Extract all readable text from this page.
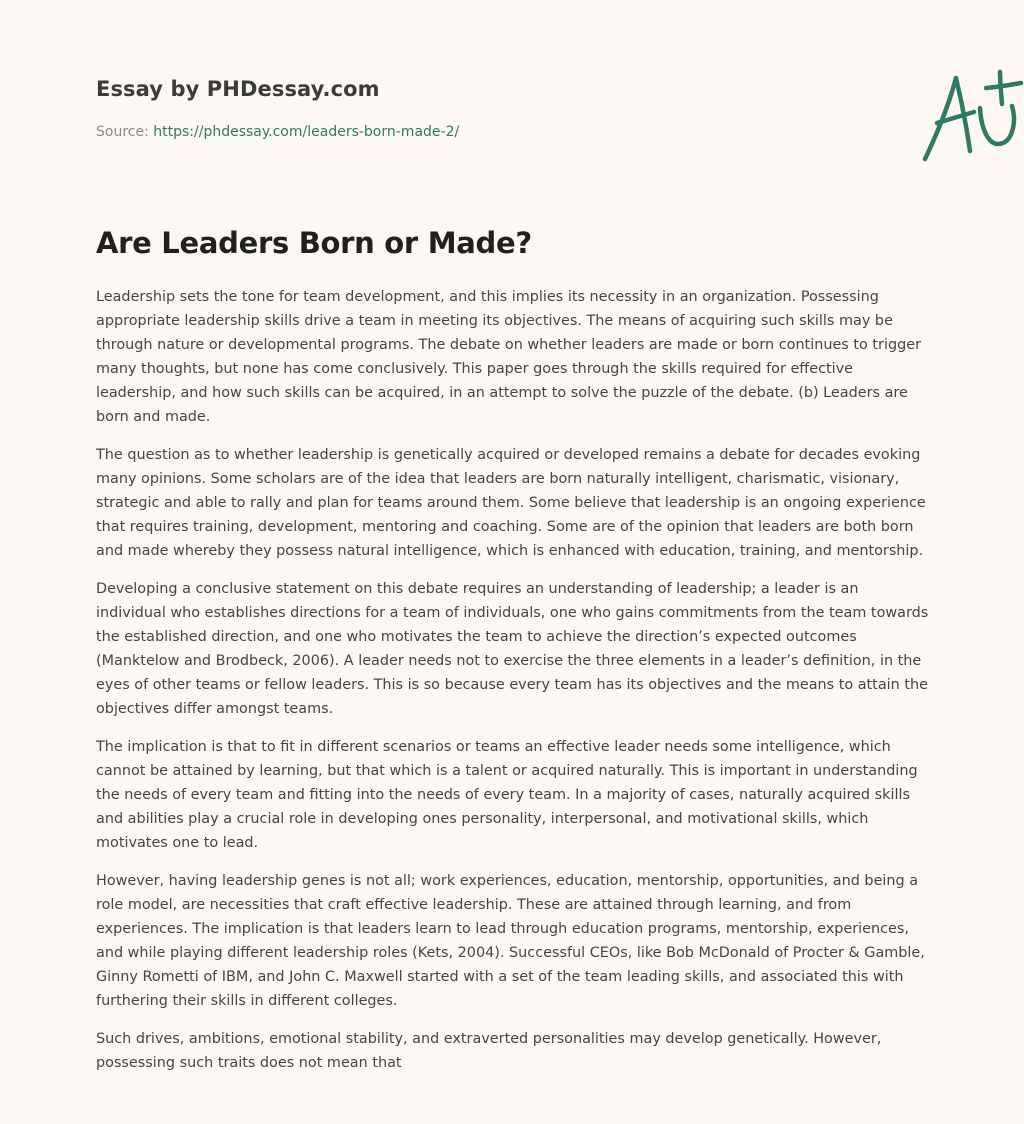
Essay by PHDessay.com
Source: https://phdessay.com/leaders-born-made-2/
Are Leaders Born or Made?

Leadership sets the tone for team development, and this implies its necessity in an organization. Possessing appropriate leadership skills drive a team in meeting its objectives. The means of acquiring such skills may be through nature or developmental programs. The debate on whether leaders are made or born continues to trigger many thoughts, but none has come conclusively. This paper goes through the skills required for effective leadership, and how such skills can be acquired, in an attempt to solve the puzzle of the debate. (b) Leaders are born and made.

The question as to whether leadership is genetically acquired or developed remains a debate for decades evoking many opinions. Some scholars are of the idea that leaders are born naturally intelligent, charismatic, visionary, strategic and able to rally and plan for teams around them. Some believe that leadership is an ongoing experience that requires training, development, mentoring and coaching. Some are of the opinion that leaders are both born and made whereby they possess natural intelligence, which is enhanced with education, training, and mentorship.

Developing a conclusive statement on this debate requires an understanding of leadership; a leader is an individual who establishes directions for a team of individuals, one who gains commitments from the team towards the established direction, and one who motivates the team to achieve the direction’s expected outcomes (Manktelow and Brodbeck, 2006). A leader needs not to exercise the three elements in a leader’s definition, in the eyes of other teams or fellow leaders. This is so because every team has its objectives and the means to attain the objectives differ amongst teams.

The implication is that to fit in different scenarios or teams an effective leader needs some intelligence, which cannot be attained by learning, but that which is a talent or acquired naturally. This is important in understanding the needs of every team and fitting into the needs of every team. In a majority of cases, naturally acquired skills and abilities play a crucial role in developing ones personality, interpersonal, and motivational skills, which motivates one to lead.

However, having leadership genes is not all; work experiences, education, mentorship, opportunities, and being a role model, are necessities that craft effective leadership. These are attained through learning, and from experiences. The implication is that leaders learn to lead through education programs, mentorship, experiences, and while playing different leadership roles (Kets, 2004). Successful CEOs, like Bob McDonald of Procter & Gamble, Ginny Rometti of IBM, and John C. Maxwell started with a set of the team leading skills, and associated this with furthering their skills in different colleges.

Such drives, ambitions, emotional stability, and extraverted personalities may develop genetically. However, possessing such traits does not mean that
